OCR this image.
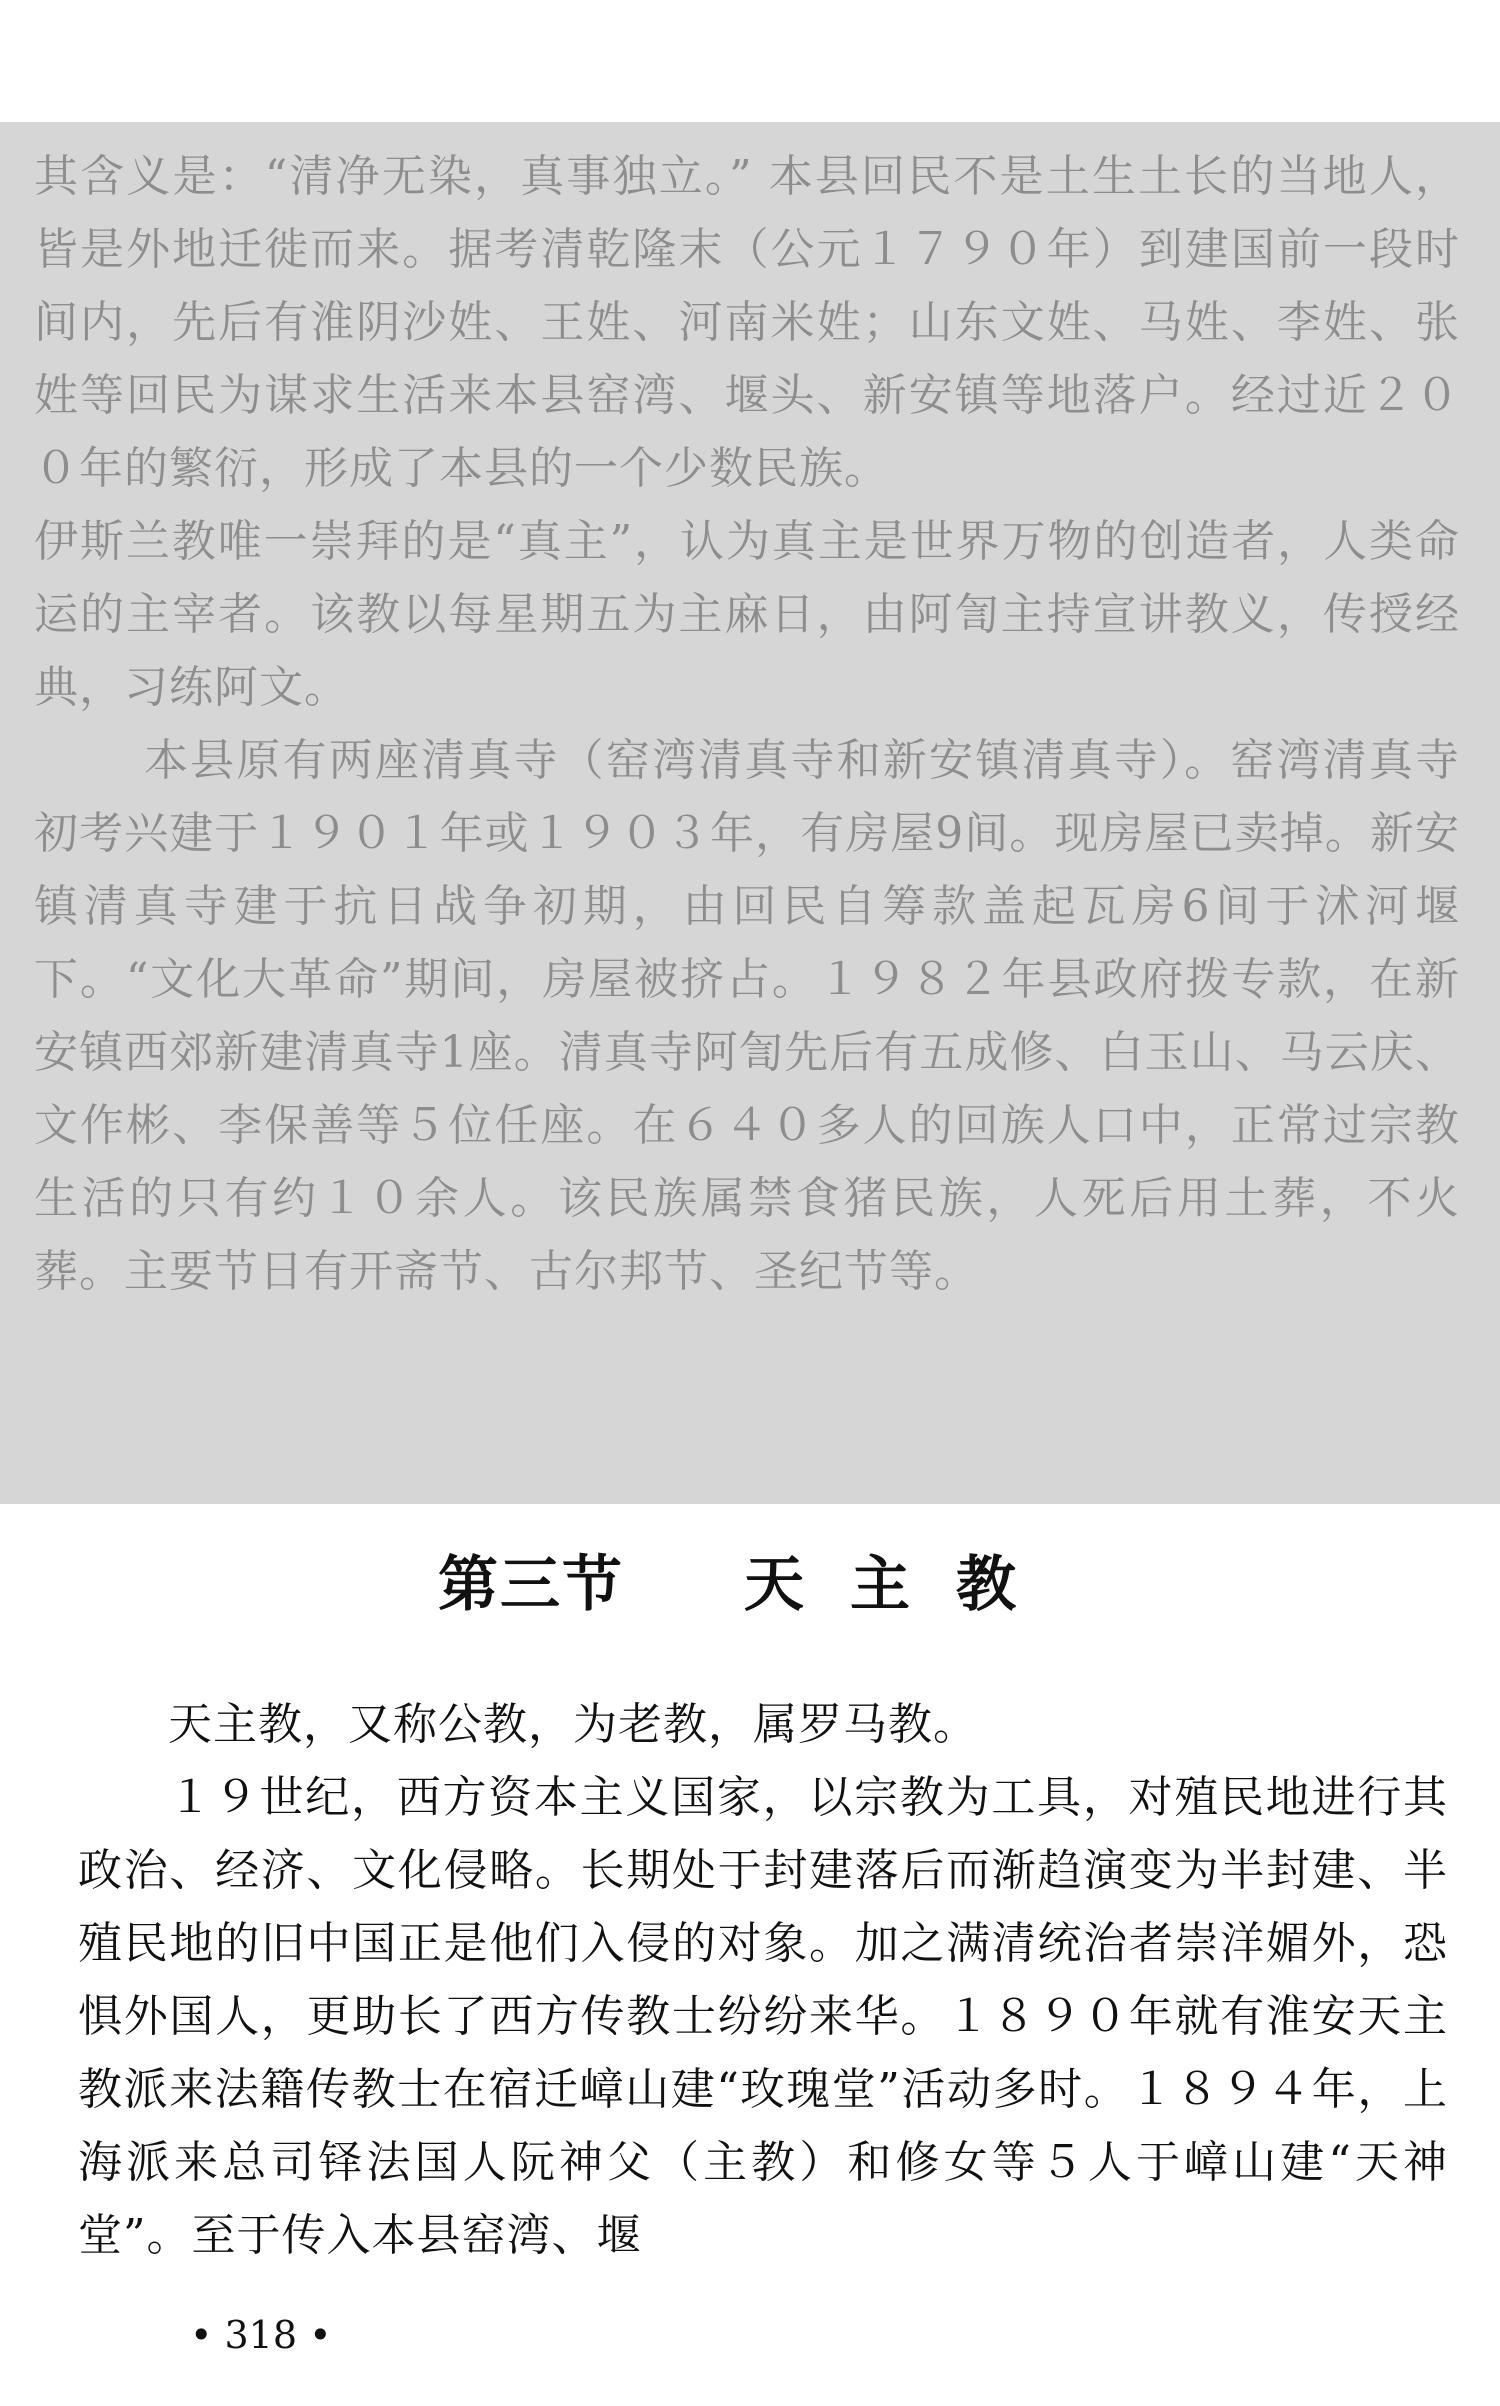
其含义是：“清净无染，真事独立。” 本县回民不是土生土长的当地人，皆是外地迁徙而来。据考清乾隆末（公元１７９０年）到建国前一段时间内，先后有淮阴沙姓、王姓、河南米姓；山东文姓、马姓、李姓、张姓等回民为谋求生活来本县窑湾、堰头、新安镇等地落户。经过近２００年的繁衍，形成了本县的一个少数民族。

伊斯兰教唯一崇拜的是“真主”，认为真主是世界万物的创造者，人类命运的主宰者。该教以每星期五为主麻日，由阿訇主持宣讲教义，传授经典，习练阿文。

本县原有两座清真寺（窑湾清真寺和新安镇清真寺）。窑湾清真寺初考兴建于１９０１年或１９０３年，有房屋9间。现房屋已卖掉。新安镇清真寺建于抗日战争初期，由回民自筹款盖起瓦房6间于沭河堰下。“文化大革命”期间，房屋被挤占。１９８２年县政府拨专款，在新安镇西郊新建清真寺1座。清真寺阿訇先后有五成修、白玉山、马云庆、文作彬、李保善等５位任座。在６４０多人的回族人口中，正常过宗教生活的只有约１０余人。该民族属禁食猪民族，人死后用土葬，不火葬。主要节日有开斋节、古尔邦节、圣纪节等。

第三节 天主教

天主教，又称公教，为老教，属罗马教。

１９世纪，西方资本主义国家，以宗教为工具，对殖民地进行其政治、经济、文化侵略。长期处于封建落后而渐趋演变为半封建、半殖民地的旧中国正是他们入侵的对象。加之满清统治者崇洋媚外，恐惧外国人，更助长了西方传教士纷纷来华。１８９０年就有淮安天主教派来法籍传教士在宿迁嶂山建“玫瑰堂”活动多时。１８９４年，上海派来总司铎法国人阮神父（主教）和修女等５人于嶂山建“天神堂”。至于传入本县窑湾、堰

• 318 •
